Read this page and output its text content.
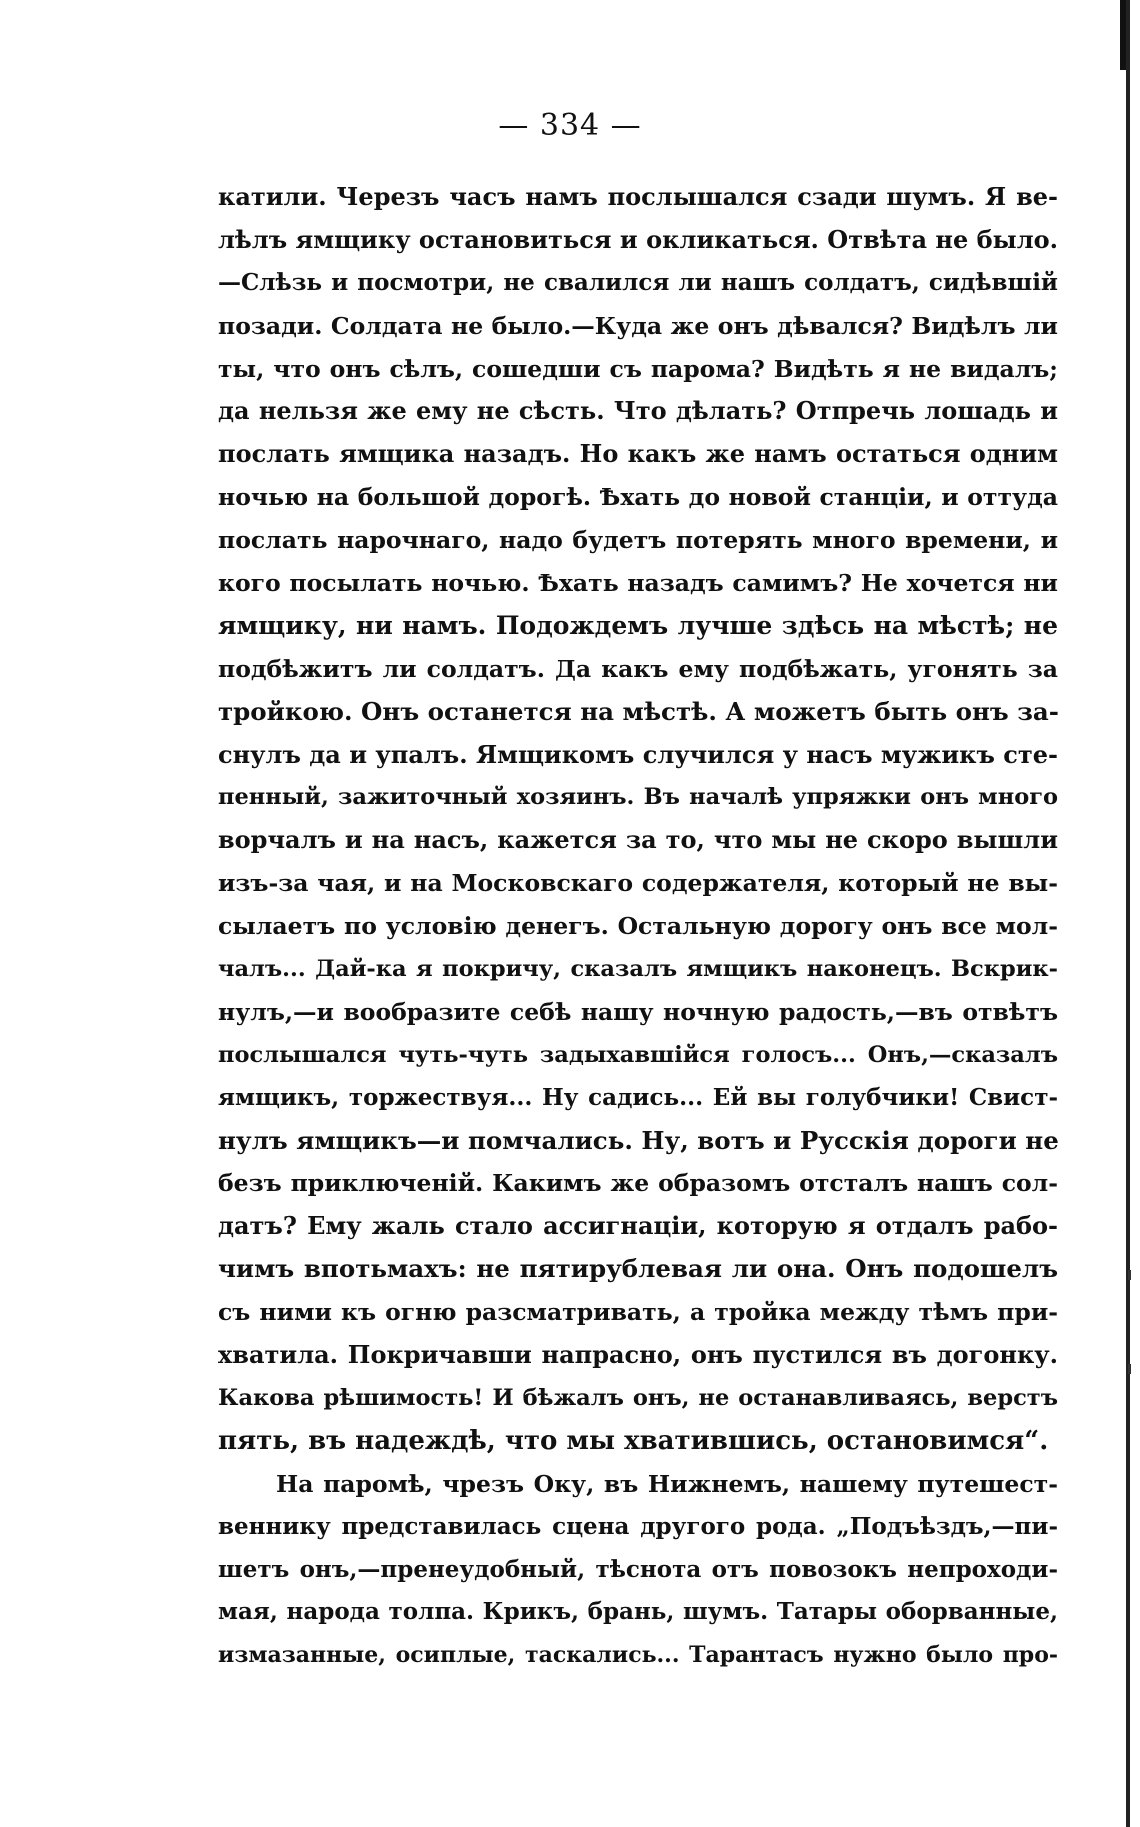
— 334 —
катили. Черезъ часъ намъ послышался сзади шумъ. Я ве-
лѣлъ ямщику остановиться и окликаться. Отвѣта не было.
—Слѣзь и посмотри, не свалился ли нашъ солдатъ, сидѣвшій
позади. Солдата не было.—Куда же онъ дѣвался? Видѣлъ ли
ты, что онъ сѣлъ, сошедши съ парома? Видѣть я не видалъ;
да нельзя же ему не сѣсть. Что дѣлать? Отпречь лошадь и
послать ямщика назадъ. Но какъ же намъ остаться одним
ночью на большой дорогѣ. Ѣхать до новой станціи, и оттуда
послать нарочнаго, надо будетъ потерять много времени, и
кого посылать ночью. Ѣхать назадъ самимъ? Не хочется ни
ямщику, ни намъ. Подождемъ лучше здѣсь на мѣстѣ; не
подбѣжитъ ли солдатъ. Да какъ ему подбѣжать, угонять за
тройкою. Онъ останется на мѣстѣ. А можетъ быть онъ за-
снулъ да и упалъ. Ямщикомъ случился у насъ мужикъ сте-
пенный, зажиточный хозяинъ. Въ началѣ упряжки онъ много
ворчалъ и на насъ, кажется за то, что мы не скоро вышли
изъ-за чая, и на Московскаго содержателя, который не вы-
сылаетъ по условію денегъ. Остальную дорогу онъ все мол-
чалъ... Дай-ка я покричу, сказалъ ямщикъ наконецъ. Вскрик-
нулъ,—и вообразите себѣ нашу ночную радость,—въ отвѣтъ
послышался чуть-чуть задыхавшійся голосъ... Онъ,—сказалъ
ямщикъ, торжествуя... Ну садись... Ей вы голубчики! Свист-
нулъ ямщикъ—и помчались. Ну, вотъ и Русскія дороги не
безъ приключеній. Какимъ же образомъ отсталъ нашъ сол-
датъ? Ему жаль стало ассигнаціи, которую я отдалъ рабо-
чимъ впотьмахъ: не пятирублевая ли она. Онъ подошелъ
съ ними къ огню разсматривать, а тройка между тѣмъ при-
хватила. Покричавши напрасно, онъ пустился въ догонку.
Какова рѣшимость! И бѣжалъ онъ, не останавливаясь, верстъ
пять, въ надеждѣ, что мы хватившись, остановимся“.
На паромѣ, чрезъ Оку, въ Нижнемъ, нашему путешест-
веннику представилась сцена другого рода. „Подъѣздъ,—пи-
шетъ онъ,—пренеудобный, тѣснота отъ повозокъ непроходи-
мая, народа толпа. Крикъ, брань, шумъ. Татары оборванные,
измазанные, осиплые, таскались... Тарантасъ нужно было про-
